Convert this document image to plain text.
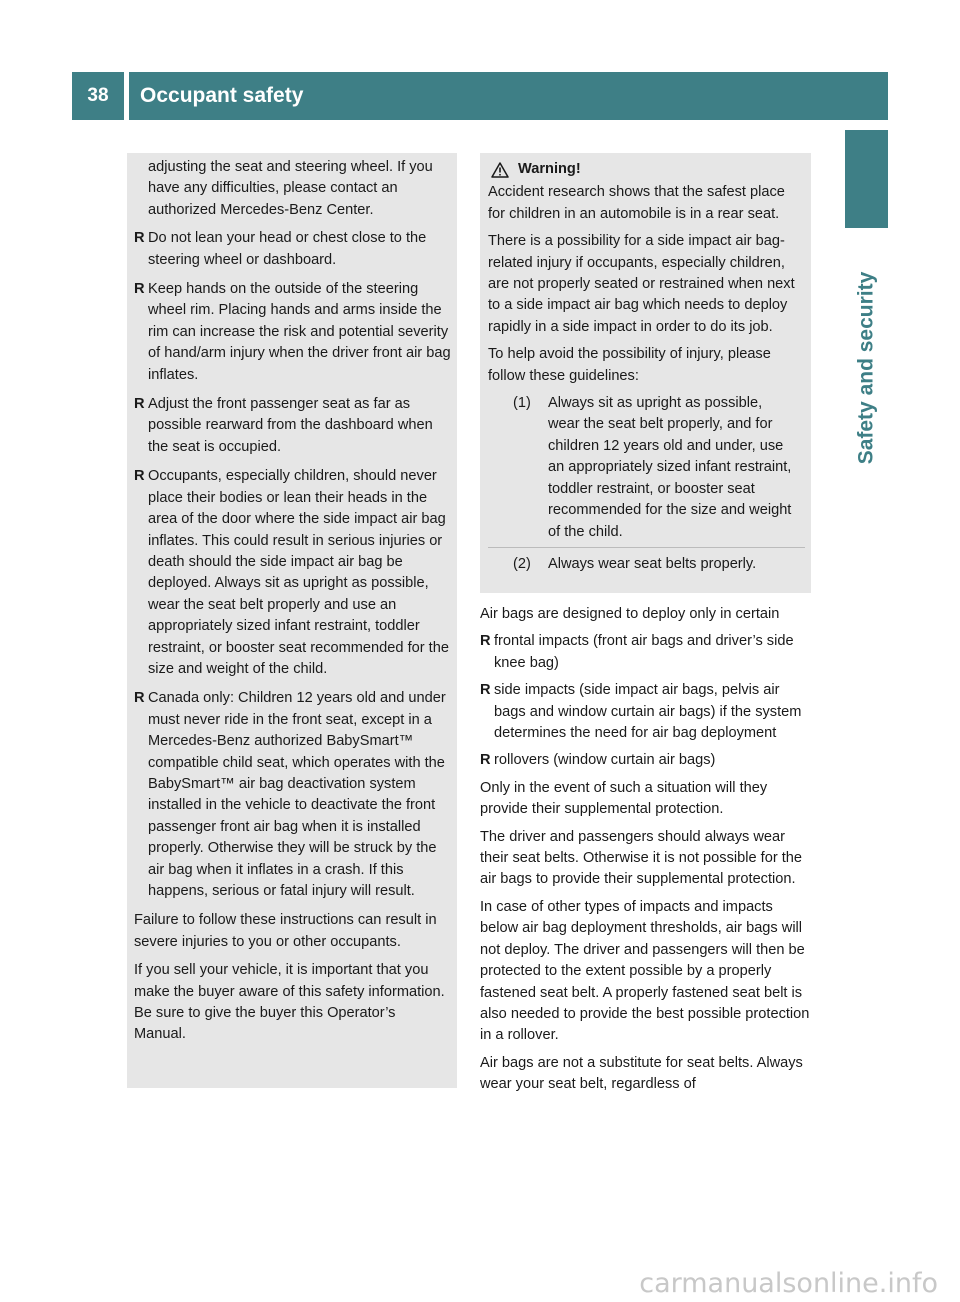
38	Occupant safety
Safety and security

adjusting the seat and steering wheel. If you have any difficulties, please contact an authorized Mercedes-Benz Center.

R Do not lean your head or chest close to the steering wheel or dashboard.
R Keep hands on the outside of the steering wheel rim. Placing hands and arms inside the rim can increase the risk and potential severity of hand/arm injury when the driver front air bag inflates.
R Adjust the front passenger seat as far as possible rearward from the dashboard when the seat is occupied.
R Occupants, especially children, should never place their bodies or lean their heads in the area of the door where the side impact air bag inflates. This could result in serious injuries or death should the side impact air bag be deployed. Always sit as upright as possible, wear the seat belt properly and use an appropriately sized infant restraint, toddler restraint, or booster seat recommended for the size and weight of the child.
R Canada only: Children 12 years old and under must never ride in the front seat, except in a Mercedes-Benz authorized BabySmart™ compatible child seat, which operates with the BabySmart™ air bag deactivation system installed in the vehicle to deactivate the front passenger front air bag when it is installed properly. Otherwise they will be struck by the air bag when it inflates in a crash. If this happens, serious or fatal injury will result.

Failure to follow these instructions can result in severe injuries to you or other occupants.

If you sell your vehicle, it is important that you make the buyer aware of this safety information. Be sure to give the buyer this Operator’s Manual.

Warning!

Accident research shows that the safest place for children in an automobile is in a rear seat.

There is a possibility for a side impact air bag-related injury if occupants, especially children, are not properly seated or restrained when next to a side impact air bag which needs to deploy rapidly in a side impact in order to do its job.

To help avoid the possibility of injury, please follow these guidelines:

(1)	Always sit as upright as possible, wear the seat belt properly, and for children 12 years old and under, use an appropriately sized infant restraint, toddler restraint, or booster seat recommended for the size and weight of the child.
(2)	Always wear seat belts properly.

Air bags are designed to deploy only in certain

R frontal impacts (front air bags and driver’s side knee bag)
R side impacts (side impact air bags, pelvis air bags and window curtain air bags) if the system determines the need for air bag deployment
R rollovers (window curtain air bags)

Only in the event of such a situation will they provide their supplemental protection.

The driver and passengers should always wear their seat belts. Otherwise it is not possible for the air bags to provide their supplemental protection.

In case of other types of impacts and impacts below air bag deployment thresholds, air bags will not deploy. The driver and passengers will then be protected to the extent possible by a properly fastened seat belt. A properly fastened seat belt is also needed to provide the best possible protection in a rollover.

Air bags are not a substitute for seat belts. Always wear your seat belt, regardless of

carmanualsonline.info
